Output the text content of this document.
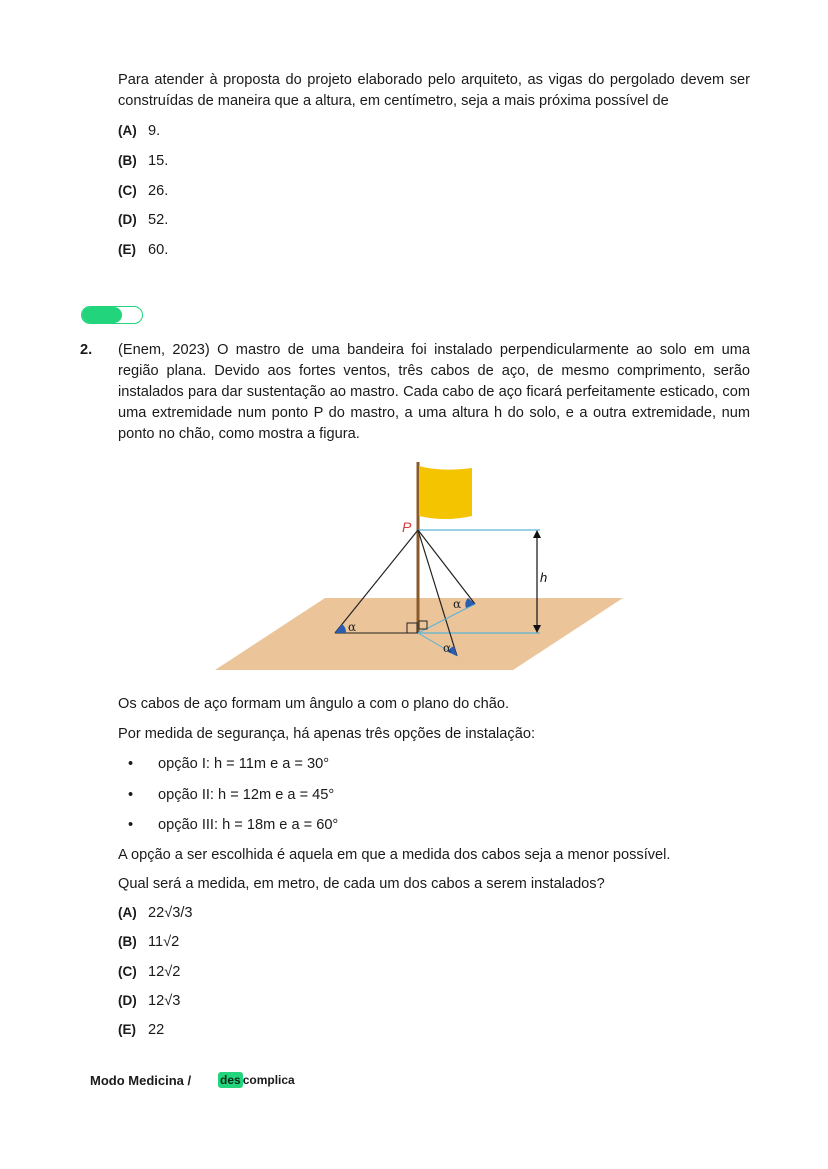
Para atender à proposta do projeto elaborado pelo arquiteto, as vigas do pergolado devem ser construídas de maneira que a altura, em centímetro, seja a mais próxima possível de
(A) 9.
(B) 15.
(C) 26.
(D) 52.
(E) 60.
2. (Enem, 2023) O mastro de uma bandeira foi instalado perpendicularmente ao solo em uma região plana. Devido aos fortes ventos, três cabos de aço, de mesmo comprimento, serão instalados para dar sustentação ao mastro. Cada cabo de aço ficará perfeitamente esticado, com uma extremidade num ponto P do mastro, a uma altura h do solo, e a outra extremidade, num ponto no chão, como mostra a figura.
P
h
α
α
α
Os cabos de aço formam um ângulo a com o plano do chão.
Por medida de segurança, há apenas três opções de instalação:
• opção I: h = 11m e a = 30°
• opção II: h = 12m e a = 45°
• opção III: h = 18m e a = 60°
A opção a ser escolhida é aquela em que a medida dos cabos seja a menor possível.
Qual será a medida, em metro, de cada um dos cabos a serem instalados?
(A) 22√3/3
(B) 11√2
(C) 12√2
(D) 12√3
(E) 22
Modo Medicina / des complica
